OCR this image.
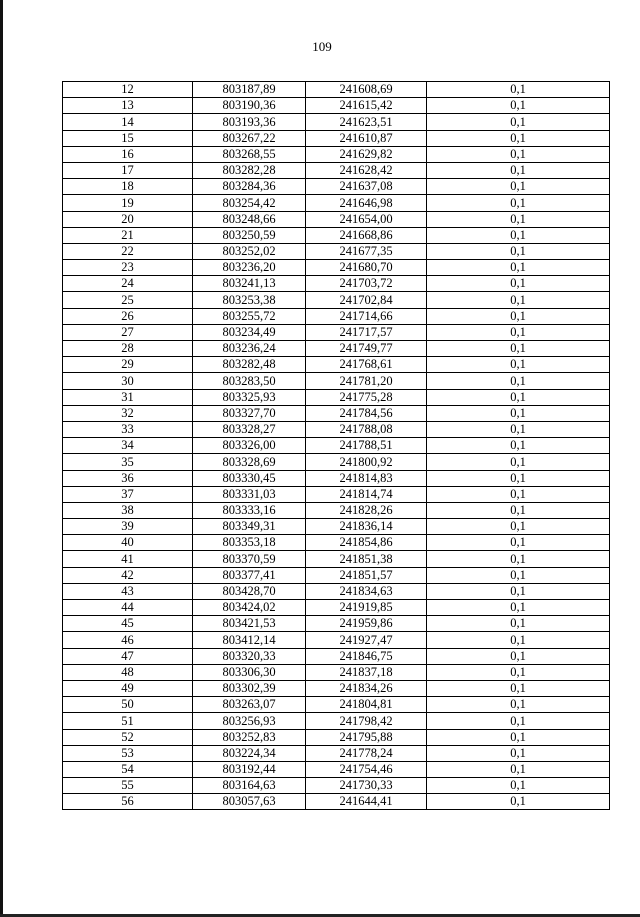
109
12	803187,89	241608,69	0,1
13	803190,36	241615,42	0,1
14	803193,36	241623,51	0,1
15	803267,22	241610,87	0,1
16	803268,55	241629,82	0,1
17	803282,28	241628,42	0,1
18	803284,36	241637,08	0,1
19	803254,42	241646,98	0,1
20	803248,66	241654,00	0,1
21	803250,59	241668,86	0,1
22	803252,02	241677,35	0,1
23	803236,20	241680,70	0,1
24	803241,13	241703,72	0,1
25	803253,38	241702,84	0,1
26	803255,72	241714,66	0,1
27	803234,49	241717,57	0,1
28	803236,24	241749,77	0,1
29	803282,48	241768,61	0,1
30	803283,50	241781,20	0,1
31	803325,93	241775,28	0,1
32	803327,70	241784,56	0,1
33	803328,27	241788,08	0,1
34	803326,00	241788,51	0,1
35	803328,69	241800,92	0,1
36	803330,45	241814,83	0,1
37	803331,03	241814,74	0,1
38	803333,16	241828,26	0,1
39	803349,31	241836,14	0,1
40	803353,18	241854,86	0,1
41	803370,59	241851,38	0,1
42	803377,41	241851,57	0,1
43	803428,70	241834,63	0,1
44	803424,02	241919,85	0,1
45	803421,53	241959,86	0,1
46	803412,14	241927,47	0,1
47	803320,33	241846,75	0,1
48	803306,30	241837,18	0,1
49	803302,39	241834,26	0,1
50	803263,07	241804,81	0,1
51	803256,93	241798,42	0,1
52	803252,83	241795,88	0,1
53	803224,34	241778,24	0,1
54	803192,44	241754,46	0,1
55	803164,63	241730,33	0,1
56	803057,63	241644,41	0,1
